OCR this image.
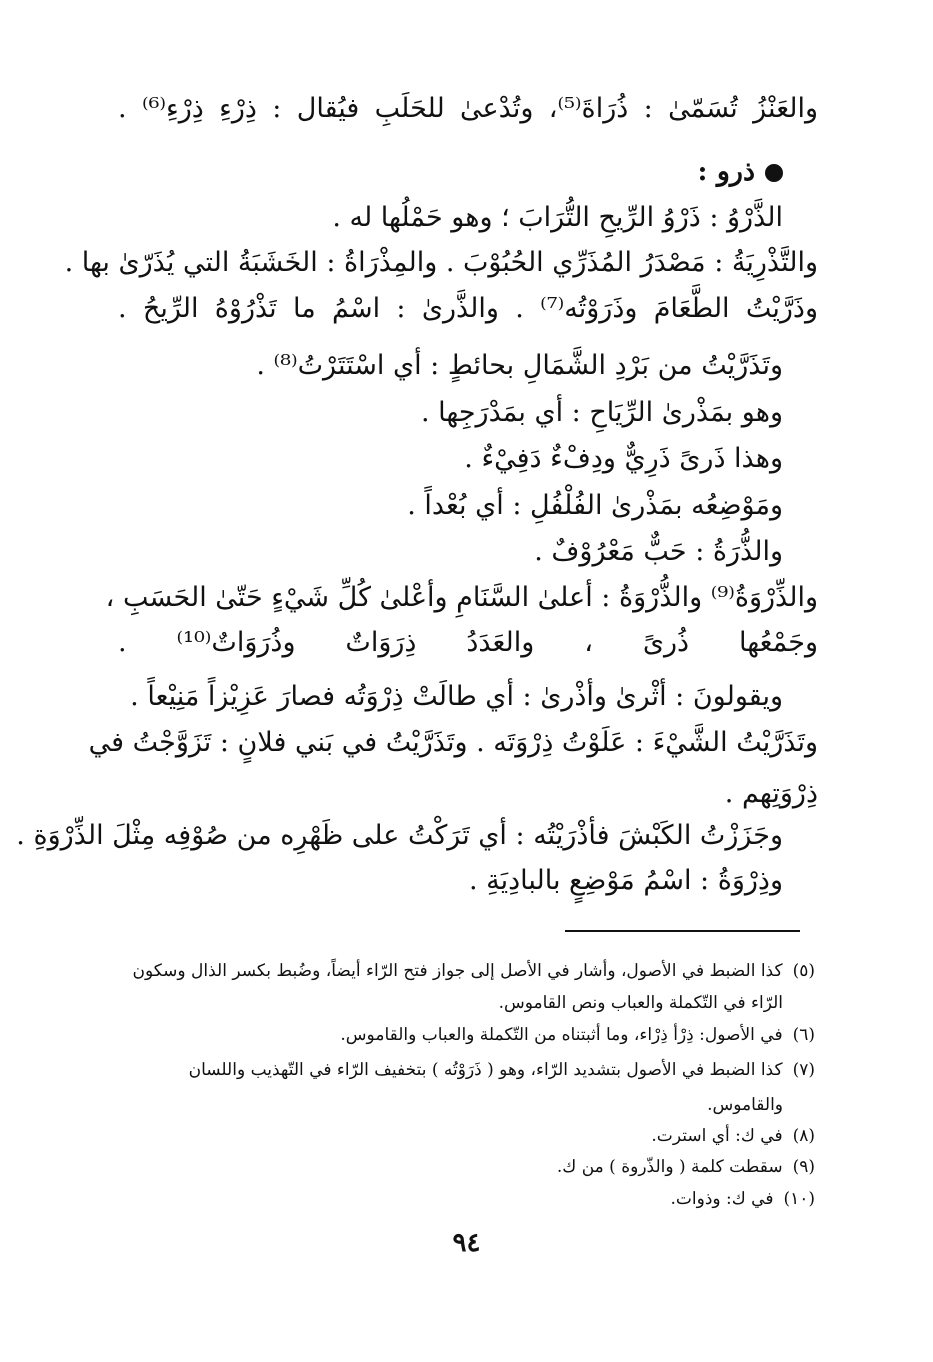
والعَنْزُ تُسَمّىٰ : ذُرَاةَ⁽⁵⁾، وتُدْعىٰ للحَلَبِ فيُقال : ذِرْءِ ذِرْءِ⁽⁶⁾ .
ذرو :
الذَّرْوُ : ذَرْوُ الرِّيحِ التُّرَابَ ؛ وهو حَمْلُها له .
والتَّذْرِيَةُ : مَصْدَرُ المُذَرِّي الحُبُوْبَ . والمِذْرَاةُ : الخَشَبَةُ التي يُذَرّىٰ بها .
وذَرَّيْتُ الطَّعَامَ وذَرَوْتُه⁽⁷⁾ . والذَّرىٰ : اسْمُ ما تَذْرُوْهُ الرِّيحُ .
وتَذَرَّيْتُ من بَرْدِ الشَّمَالِ بحائطٍ : أي اسْتَتَرْتُ⁽⁸⁾ .
وهو بمَذْرىٰ الرِّيَاحِ : أي بمَدْرَجِها .
وهذا ذَرىً ذَرِيٌّ ودِفْءٌ دَفِيْءٌ .
ومَوْضِعُه بمَذْرىٰ الفُلْفُلِ : أي بُعْداً .
والذُّرَةُ : حَبٌّ مَعْرُوْفٌ .
والذِّرْوَةُ⁽⁹⁾ والذُّرْوَةُ : أعلىٰ السَّنَامِ وأعْلىٰ كُلِّ شَيْءٍ حَتّىٰ الحَسَبِ ،
وجَمْعُها ذُرىً ، والعَدَدُ ذِرَوَاتٌ وذُرَوَاتٌ⁽¹⁰⁾ .
ويقولونَ : أثْرىٰ وأذْرىٰ : أي طالَتْ ذِرْوَتُه فصارَ عَزِيْزاً مَنِيْعاً .
وتَذَرَّيْتُ الشَّيْءَ : عَلَوْتُ ذِرْوَتَه . وتَذَرَّيْتُ في بَني فلانٍ : تَزَوَّجْتُ في
ذِرْوَتِهم .
وجَزَزْتُ الكَبْشَ فأذْرَيْتُه : أي تَرَكْتُ على ظَهْرِه من صُوْفِه مِثْلَ الذِّرْوَةِ .
وذِرْوَةُ : اسْمُ مَوْضِعٍ بالبادِيَةِ .
(٥)كذا الضبط في الأصول، وأشار في الأصل إلى جواز فتح الرّاء أيضاً، وضُبط بكسر الذال وسكون
الرّاء في التّكملة والعباب ونص القاموس.
(٦)في الأصول: ذِرْأ ذِرْاء، وما أثبتناه من التّكملة والعباب والقاموس.
(٧)كذا الضبط في الأصول بتشديد الرّاء، وهو ( ذَرَوْتُه ) بتخفيف الرّاء في التّهذيب واللسان
والقاموس.
(٨)في ك: أي استرت.
(٩)سقطت كلمة ( والذّروة ) من ك.
(١٠)في ك: وذوات.
٩٤
